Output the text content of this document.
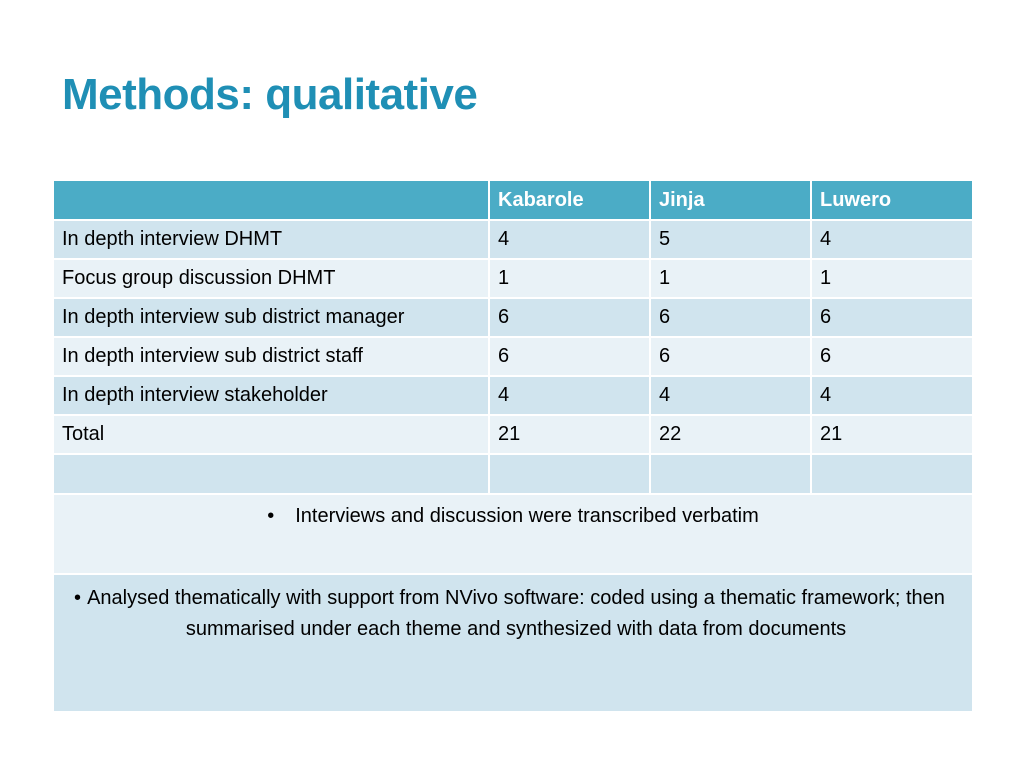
Methods: qualitative
	Kabarole	Jinja	Luwero
In depth interview DHMT	4	5	4
Focus group discussion DHMT	1	1	1
In depth interview sub district manager	6	6	6
In depth interview sub district staff	6	6	6
In depth interview stakeholder	4	4	4
Total	21	22	21

• Interviews and discussion were transcribed verbatim			

• Analysed thematically with support from NVivo software: coded using a thematic framework; then summarised under each theme and synthesized with data from documents			
